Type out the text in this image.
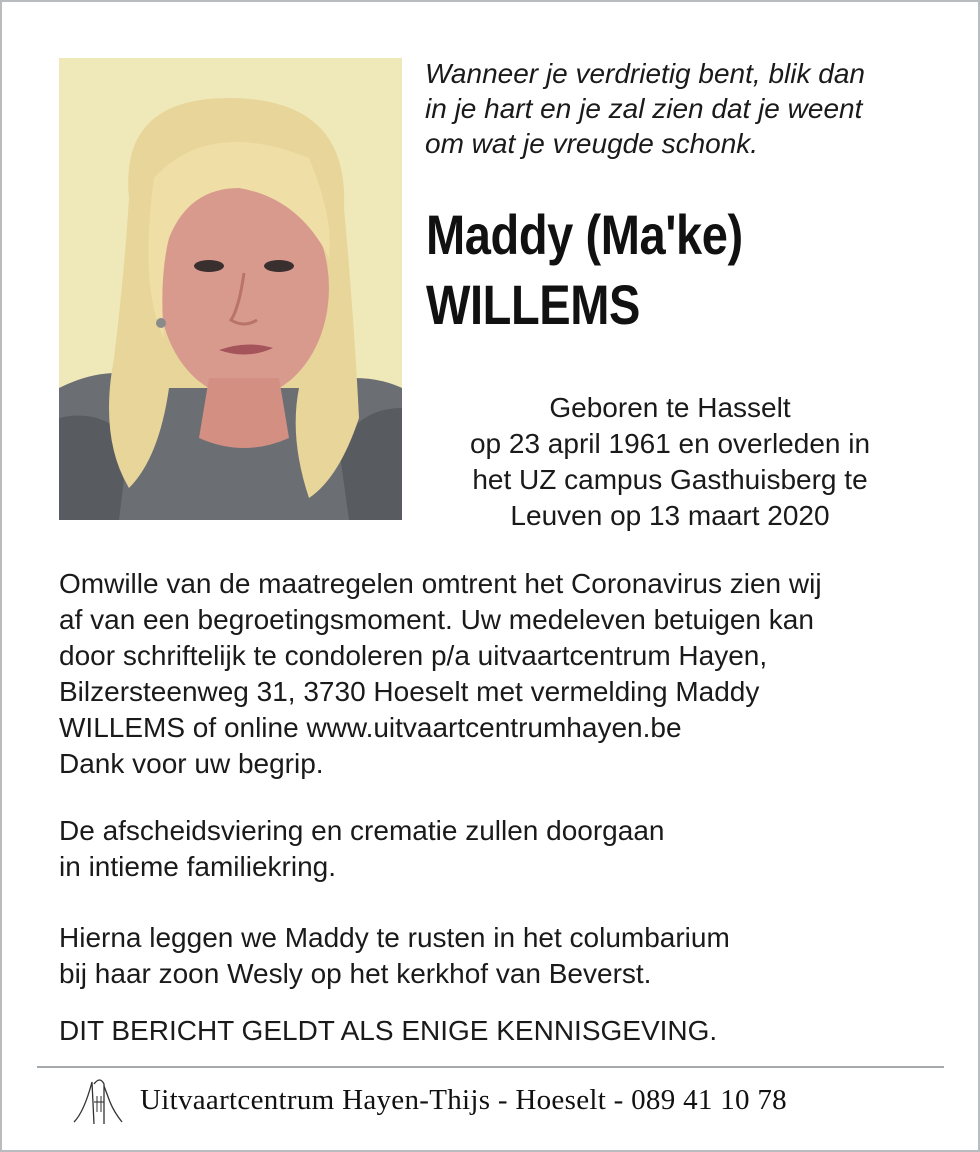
Wanneer je verdrietig bent, blik dan
in je hart en je zal zien dat je weent
om wat je vreugde schonk.
Maddy (Ma'ke)
WILLEMS
Geboren te Hasselt
op 23 april 1961 en overleden in
het UZ campus Gasthuisberg te
Leuven op 13 maart 2020
Omwille van de maatregelen omtrent het Coronavirus zien wij
af van een begroetingsmoment. Uw medeleven betuigen kan
door schriftelijk te condoleren p/a uitvaartcentrum Hayen,
Bilzersteenweg 31, 3730 Hoeselt met vermelding Maddy
WILLEMS of online www.uitvaartcentrumhayen.be
Dank voor uw begrip.
De afscheidsviering en crematie zullen doorgaan
in intieme familiekring.
Hierna leggen we Maddy te rusten in het columbarium
bij haar zoon Wesly op het kerkhof van Beverst.
DIT BERICHT GELDT ALS ENIGE KENNISGEVING.
Uitvaartcentrum Hayen-Thijs - Hoeselt - 089 41 10 78
